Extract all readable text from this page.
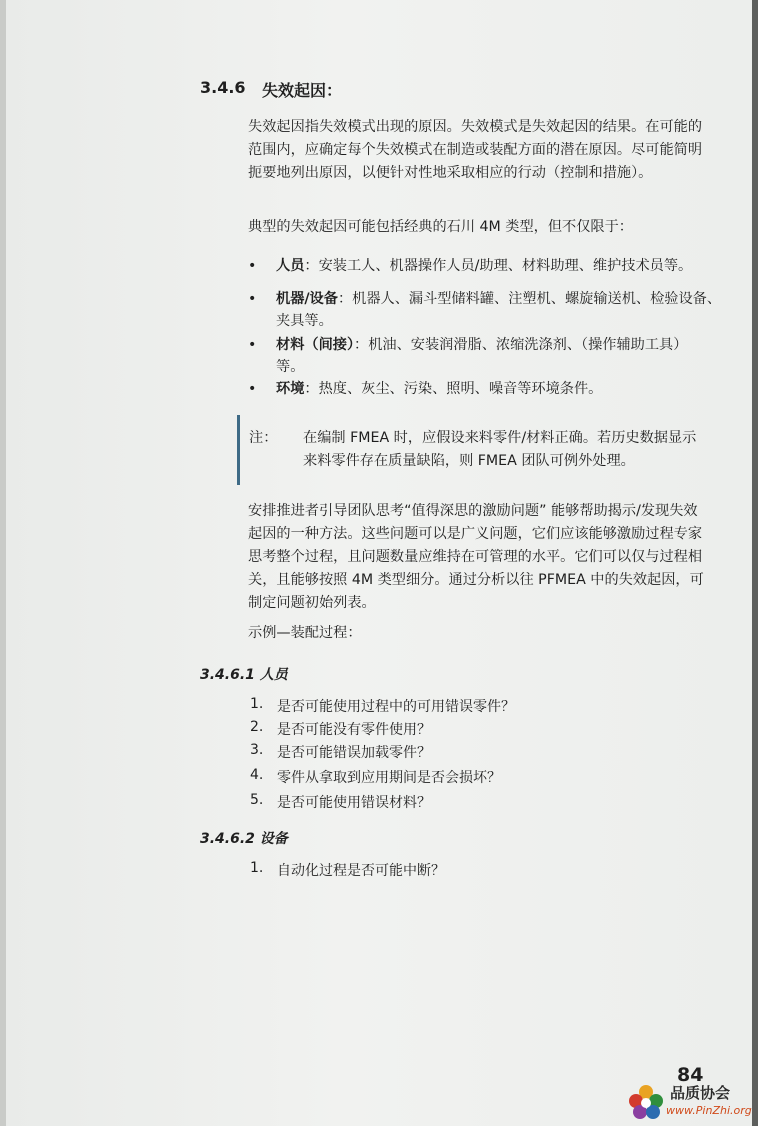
3.4.6 失效起因：
失效起因指失效模式出现的原因。失效模式是失效起因的结果。在可能的
范围内，应确定每个失效模式在制造或装配方面的潜在原因。尽可能简明
扼要地列出原因，以便针对性地采取相应的行动（控制和措施）。
典型的失效起因可能包括经典的石川 4M 类型，但不仅限于：
• 人员：安装工人、机器操作人员/助理、材料助理、维护技术员等。
• 机器/设备：机器人、漏斗型储料罐、注塑机、螺旋输送机、检验设备、
夹具等。
• 材料（间接）：机油、安装润滑脂、浓缩洗涤剂、（操作辅助工具）
等。
• 环境：热度、灰尘、污染、照明、噪音等环境条件。
注： 在编制 FMEA 时，应假设来料零件/材料正确。若历史数据显示
来料零件存在质量缺陷，则 FMEA 团队可例外处理。
安排推进者引导团队思考“值得深思的激励问题” 能够帮助揭示/发现失效
起因的一种方法。这些问题可以是广义问题，它们应该能够激励过程专家
思考整个过程，且问题数量应维持在可管理的水平。它们可以仅与过程相
关，且能够按照 4M 类型细分。通过分析以往 PFMEA 中的失效起因，可
制定问题初始列表。
示例—装配过程：
3.4.6.1 人员
1. 是否可能使用过程中的可用错误零件？
2. 是否可能没有零件使用？
3. 是否可能错误加载零件？
4. 零件从拿取到应用期间是否会损坏？
5. 是否可能使用错误材料？
3.4.6.2 设备
1. 自动化过程是否可能中断？
84
品质协会
www.PinZhi.org
